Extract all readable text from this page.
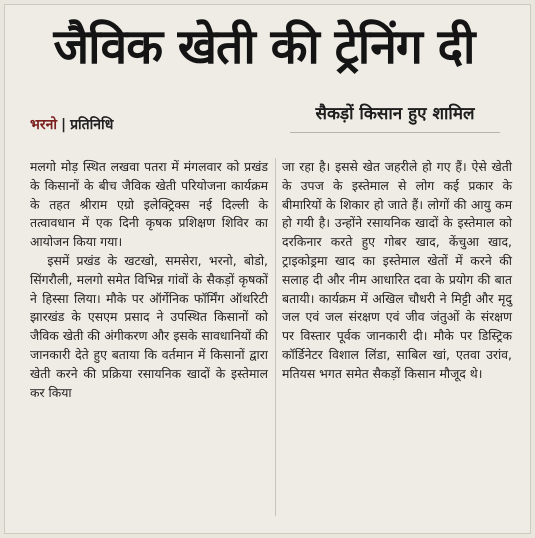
जैविक खेती की ट्रेनिंग दी
भरनो | प्रतिनिधि
सैकड़ों किसान हुए शामिल

मलगो मोड़ स्थित लखवा पतरा में मंगलवार को प्रखंड के किसानों के बीच जैविक खेती परियोजना कार्यक्रम के तहत श्रीराम एग्रो इलेक्ट्रिक्स नई दिल्ली के तत्वावधान में एक दिनी कृषक प्रशिक्षण शिविर का आयोजन किया गया।

इसमें प्रखंड के खटखो, समसेरा, भरनो, बोडो, सिंगरौली, मलगो समेत विभिन्न गांवों के सैकड़ों कृषकों ने हिस्सा लिया। मौके पर ऑर्गेनिक फॉर्मिंग ऑथरिटी झारखंड के एसएम प्रसाद ने उपस्थित किसानों को जैविक खेती की अंगीकरण और इसके सावधानियों की जानकारी देते हुए बताया कि वर्तमान में किसानों द्वारा खेती करने की प्रक्रिया रसायनिक खादों के इस्तेमाल कर किया

जा रहा है। इससे खेत जहरीले हो गए हैं। ऐसे खेती के उपज के इस्तेमाल से लोग कई प्रकार के बीमारियों के शिकार हो जाते हैं। लोगों की आयु कम हो गयी है। उन्होंने रसायनिक खादों के इस्तेमाल को दरकिनार करते हुए गोबर खाद, केंचुआ खाद, ट्राइकोड्रमा खाद का इस्तेमाल खेतों में करने की सलाह दी और नीम आधारित दवा के प्रयोग की बात बतायी। कार्यक्रम में अखिल चौधरी ने मिट्टी और मृदु जल एवं जल संरक्षण एवं जीव जंतुओं के संरक्षण पर विस्तार पूर्वक जानकारी दी। मौके पर डिस्ट्रिक कॉर्डिनेटर विशाल लिंडा, साबिल खां, एतवा उरांव, मतियस भगत समेत सैकड़ों किसान मौजूद थे।
